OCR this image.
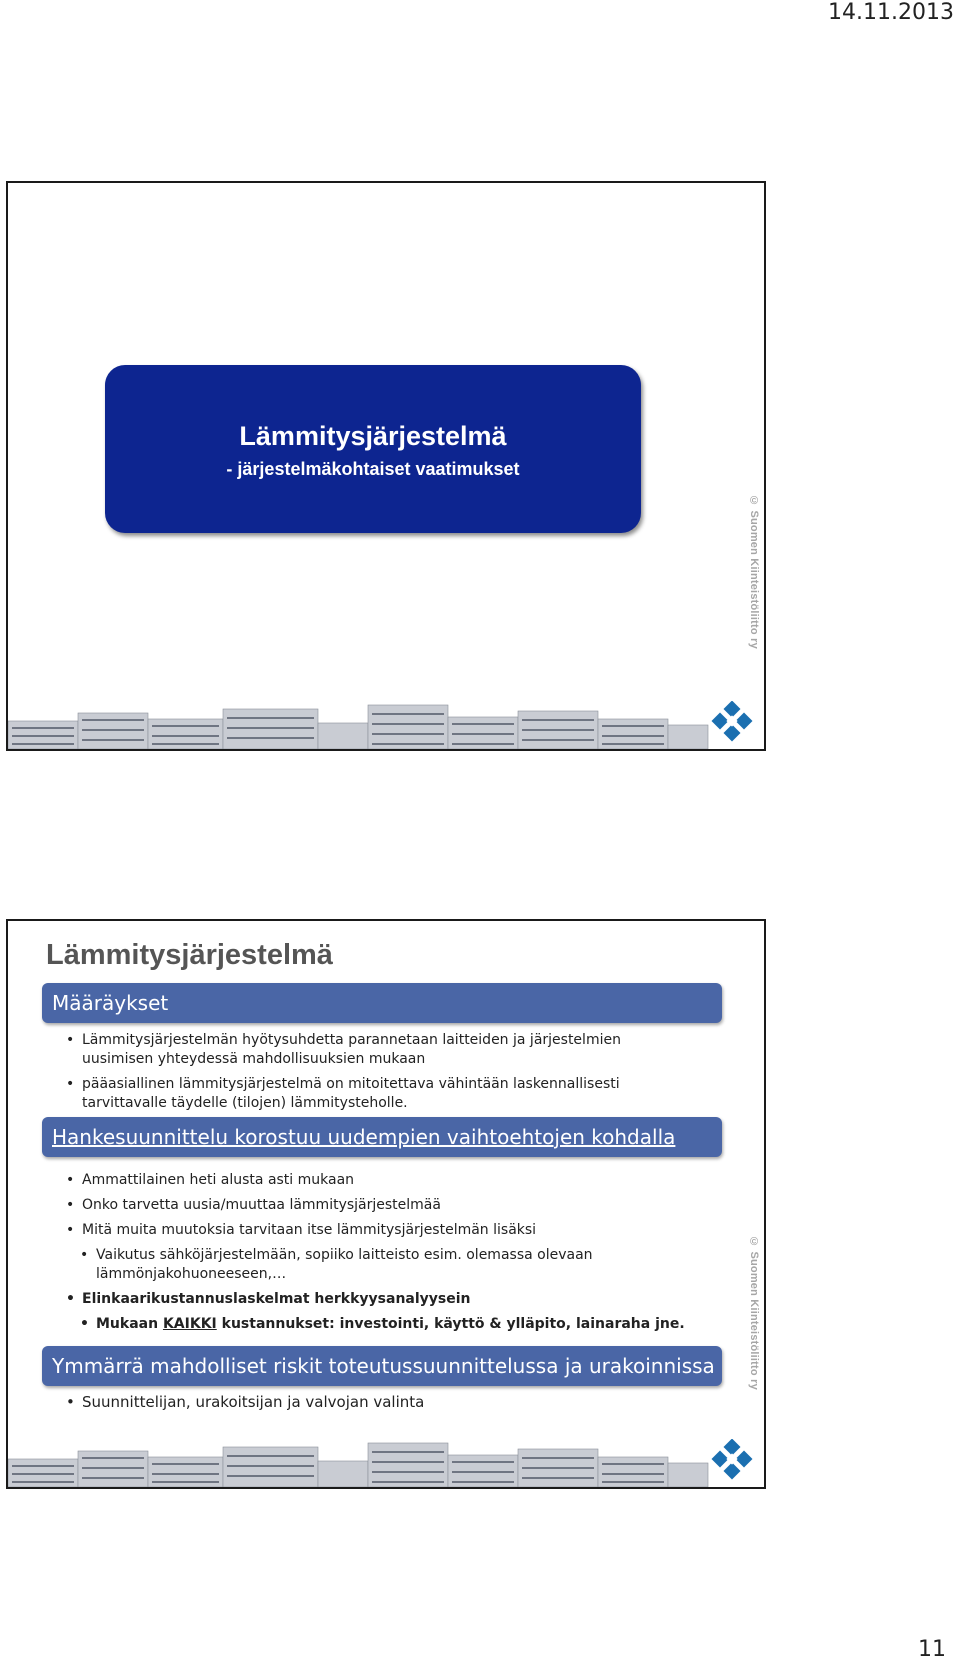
14.11.2013
Lämmitysjärjestelmä
- järjestelmäkohtaiset vaatimukset
© Suomen Kiinteistöliitto ry
Lämmitysjärjestelmä
Määräykset
• Lämmitysjärjestelmän hyötysuhdetta parannetaan laitteiden ja järjestelmien uusimisen yhteydessä mahdollisuuksien mukaan
• pääasiallinen lämmitysjärjestelmä on mitoitettava vähintään laskennallisesti tarvittavalle täydelle (tilojen) lämmitysteholle.
Hankesuunnittelu korostuu uudempien vaihtoehtojen kohdalla
• Ammattilainen heti alusta asti mukaan
• Onko tarvetta uusia/muuttaa lämmitysjärjestelmää
• Mitä muita muutoksia tarvitaan itse lämmitysjärjestelmän lisäksi
• Vaikutus sähköjärjestelmään, sopiiko laitteisto esim. olemassa olevaan lämmönjakohuoneeseen,…
• Elinkaarikustannuslaskelmat herkkyysanalyysein
• Mukaan KAIKKI kustannukset: investointi, käyttö & ylläpito, lainaraha jne.
Ymmärrä mahdolliset riskit toteutussuunnittelussa ja urakoinnissa
• Suunnittelijan, urakoitsijan ja valvojan valinta
© Suomen Kiinteistöliitto ry
11
